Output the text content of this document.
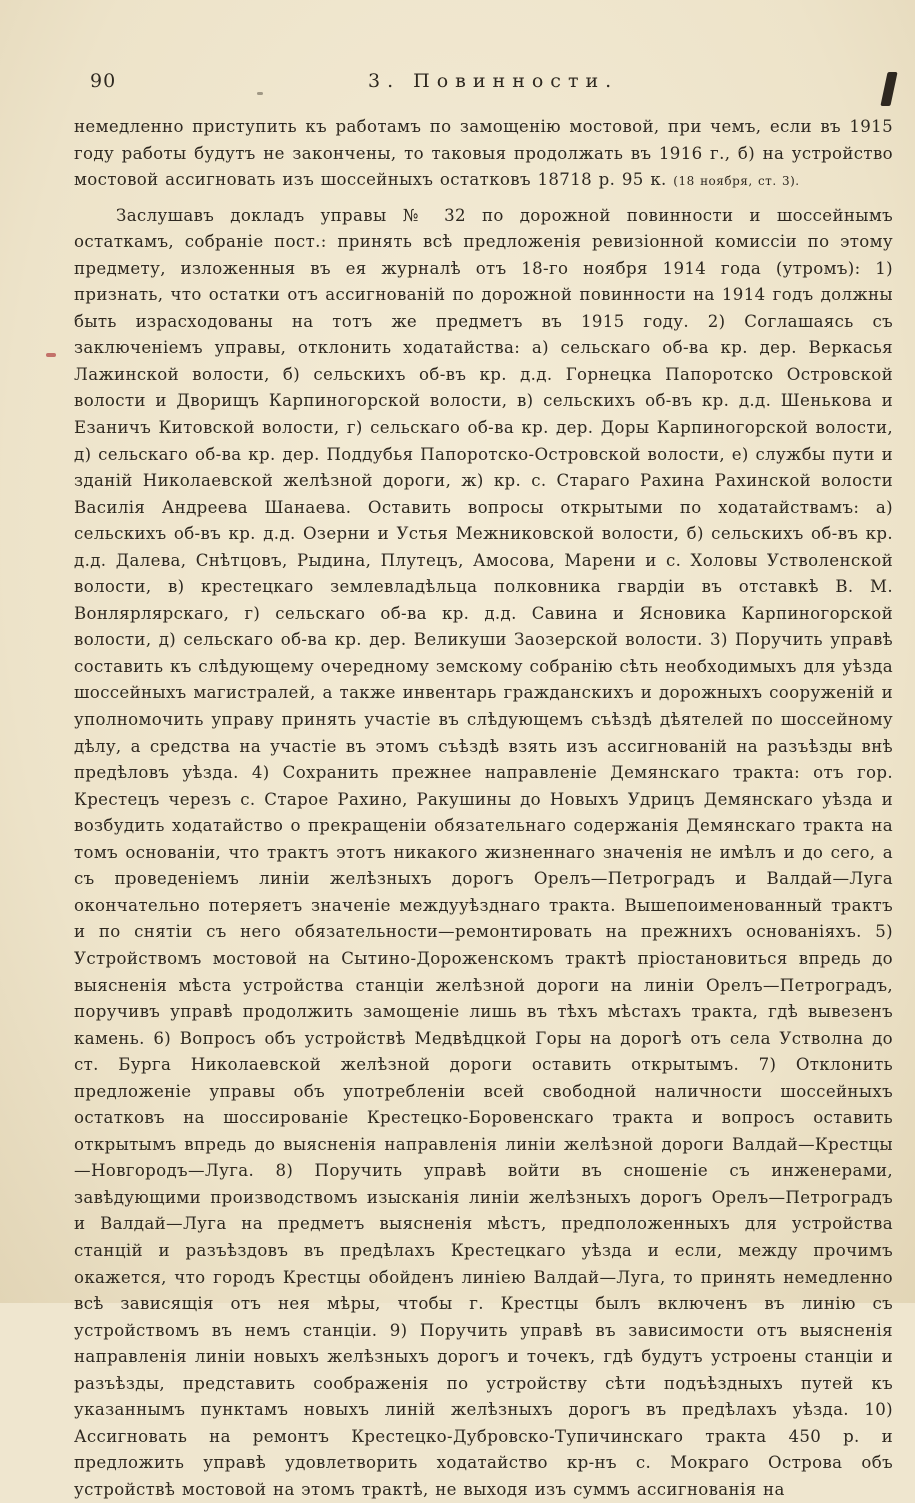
90	3. Повинности.

немедленно приступить къ работамъ по замощенію мостовой, при чемъ, если въ 1915 году работы будутъ не закончены, то таковыя продолжать въ 1916 г., б) на устройство мостовой ассигновать изъ шоссейныхъ остатковъ 18718 р. 95 к. (18 ноября, ст. 3).

Заслушавъ докладъ управы № 32 по дорожной повинности и шоссейнымъ остаткамъ, собраніе пост.: принять всѣ предложенія ревизіонной комиссіи по этому предмету, изложенныя въ ея журналѣ отъ 18-го ноября 1914 года (утромъ): 1) признать, что остатки отъ ассигнованій по дорожной повинности на 1914 годъ должны быть израсходованы на тотъ же предметъ въ 1915 году. 2) Соглашаясь съ заключеніемъ управы, отклонить ходатайства: а) сельскаго об-ва кр. дер. Веркасья Лажинской волости, б) сельскихъ об-въ кр. д.д. Горнецка Папоротско Островской волости и Дворищъ Карпиногорской волости, в) сельскихъ об-въ кр. д.д. Шенькова и Езаничъ Китовской волости, г) сельскаго об-ва кр. дер. Доры Карпиногорской волости, д) сельскаго об-ва кр. дер. Поддубья Папоротско-Островской волости, е) службы пути и зданій Николаевской желѣзной дороги, ж) кр. с. Стараго Рахина Рахинской волости Василія Андреева Шанаева. Оставить вопросы открытыми по ходатайствамъ: а) сельскихъ об-въ кр. д.д. Озерни и Устья Межниковской волости, б) сельскихъ об-въ кр. д.д. Далева, Снѣтцовъ, Рыдина, Плутецъ, Амосова, Марени и с. Холовы Устволенской волости, в) крестецкаго землевладѣльца полковника гвардіи въ отставкѣ В. М. Вонлярлярскаго, г) сельскаго об-ва кр. д.д. Савина и Ясновика Карпиногорской волости, д) сельскаго об-ва кр. дер. Великуши Заозерской волости. 3) Поручить управѣ составить къ слѣдующему очередному земскому собранію сѣть необходимыхъ для уѣзда шоссейныхъ магистралей, а также инвентарь гражданскихъ и дорожныхъ сооруженій и уполномочить управу принять участіе въ слѣдующемъ съѣздѣ дѣятелей по шоссейному дѣлу, а средства на участіе въ этомъ съѣздѣ взять изъ ассигнованій на разъѣзды внѣ предѣловъ уѣзда. 4) Сохранить прежнее направленіе Демянскаго тракта: отъ гор. Крестецъ черезъ с. Старое Рахино, Ракушины до Новыхъ Удрицъ Демянскаго уѣзда и возбудить ходатайство о прекращеніи обязательнаго содержанія Демянскаго тракта на томъ основаніи, что трактъ этотъ никакого жизненнаго значенія не имѣлъ и до сего, а съ проведеніемъ линіи желѣзныхъ дорогъ Орелъ—Петроградъ и Валдай—Луга окончательно потеряетъ значеніе междууѣзднаго тракта. Вышепоименованный трактъ и по снятіи съ него обязательности—ремонтировать на прежнихъ основаніяхъ. 5) Устройствомъ мостовой на Сытино-Дороженскомъ трактѣ пріостановиться впредь до выясненія мѣста устройства станціи желѣзной дороги на линіи Орелъ—Петроградъ, поручивъ управѣ продолжить замощеніе лишь въ тѣхъ мѣстахъ тракта, гдѣ вывезенъ камень. 6) Вопросъ объ устройствѣ Медвѣдцкой Горы на дорогѣ отъ села Устволна до ст. Бурга Николаевской желѣзной дороги оставить открытымъ. 7) Отклонить предложеніе управы объ употребленіи всей свободной наличности шоссейныхъ остатковъ на шоссированіе Крестецко-Боровенскаго тракта и вопросъ оставить открытымъ впредь до выясненія направленія линіи желѣзной дороги Валдай—Крестцы—Новгородъ—Луга. 8) Поручить управѣ войти въ сношеніе съ инженерами, завѣдующими производствомъ изысканія линіи желѣзныхъ дорогъ Орелъ—Петроградъ и Валдай—Луга на предметъ выясненія мѣстъ, предположенныхъ для устройства станцій и разъѣздовъ въ предѣлахъ Крестецкаго уѣзда и если, между прочимъ окажется, что городъ Крестцы обойденъ линіею Валдай—Луга, то принять немедленно всѣ зависящія отъ нея мѣры, чтобы г. Крестцы былъ включенъ въ линію съ устройствомъ въ немъ станціи. 9) Поручить управѣ въ зависимости отъ выясненія направленія линіи новыхъ желѣзныхъ дорогъ и точекъ, гдѣ будутъ устроены станціи и разъѣзды, представить соображенія по устройству сѣти подъѣздныхъ путей къ указаннымъ пунктамъ новыхъ линій желѣзныхъ дорогъ въ предѣлахъ уѣзда. 10) Ассигновать на ремонтъ Крестецко-Дубровско-Тупичинскаго тракта 450 р. и предложить управѣ удовлетворить ходатайство кр-нъ с. Мокраго Острова объ устройствѣ мостовой на этомъ трактѣ, не выходя изъ суммъ ассигнованія на
